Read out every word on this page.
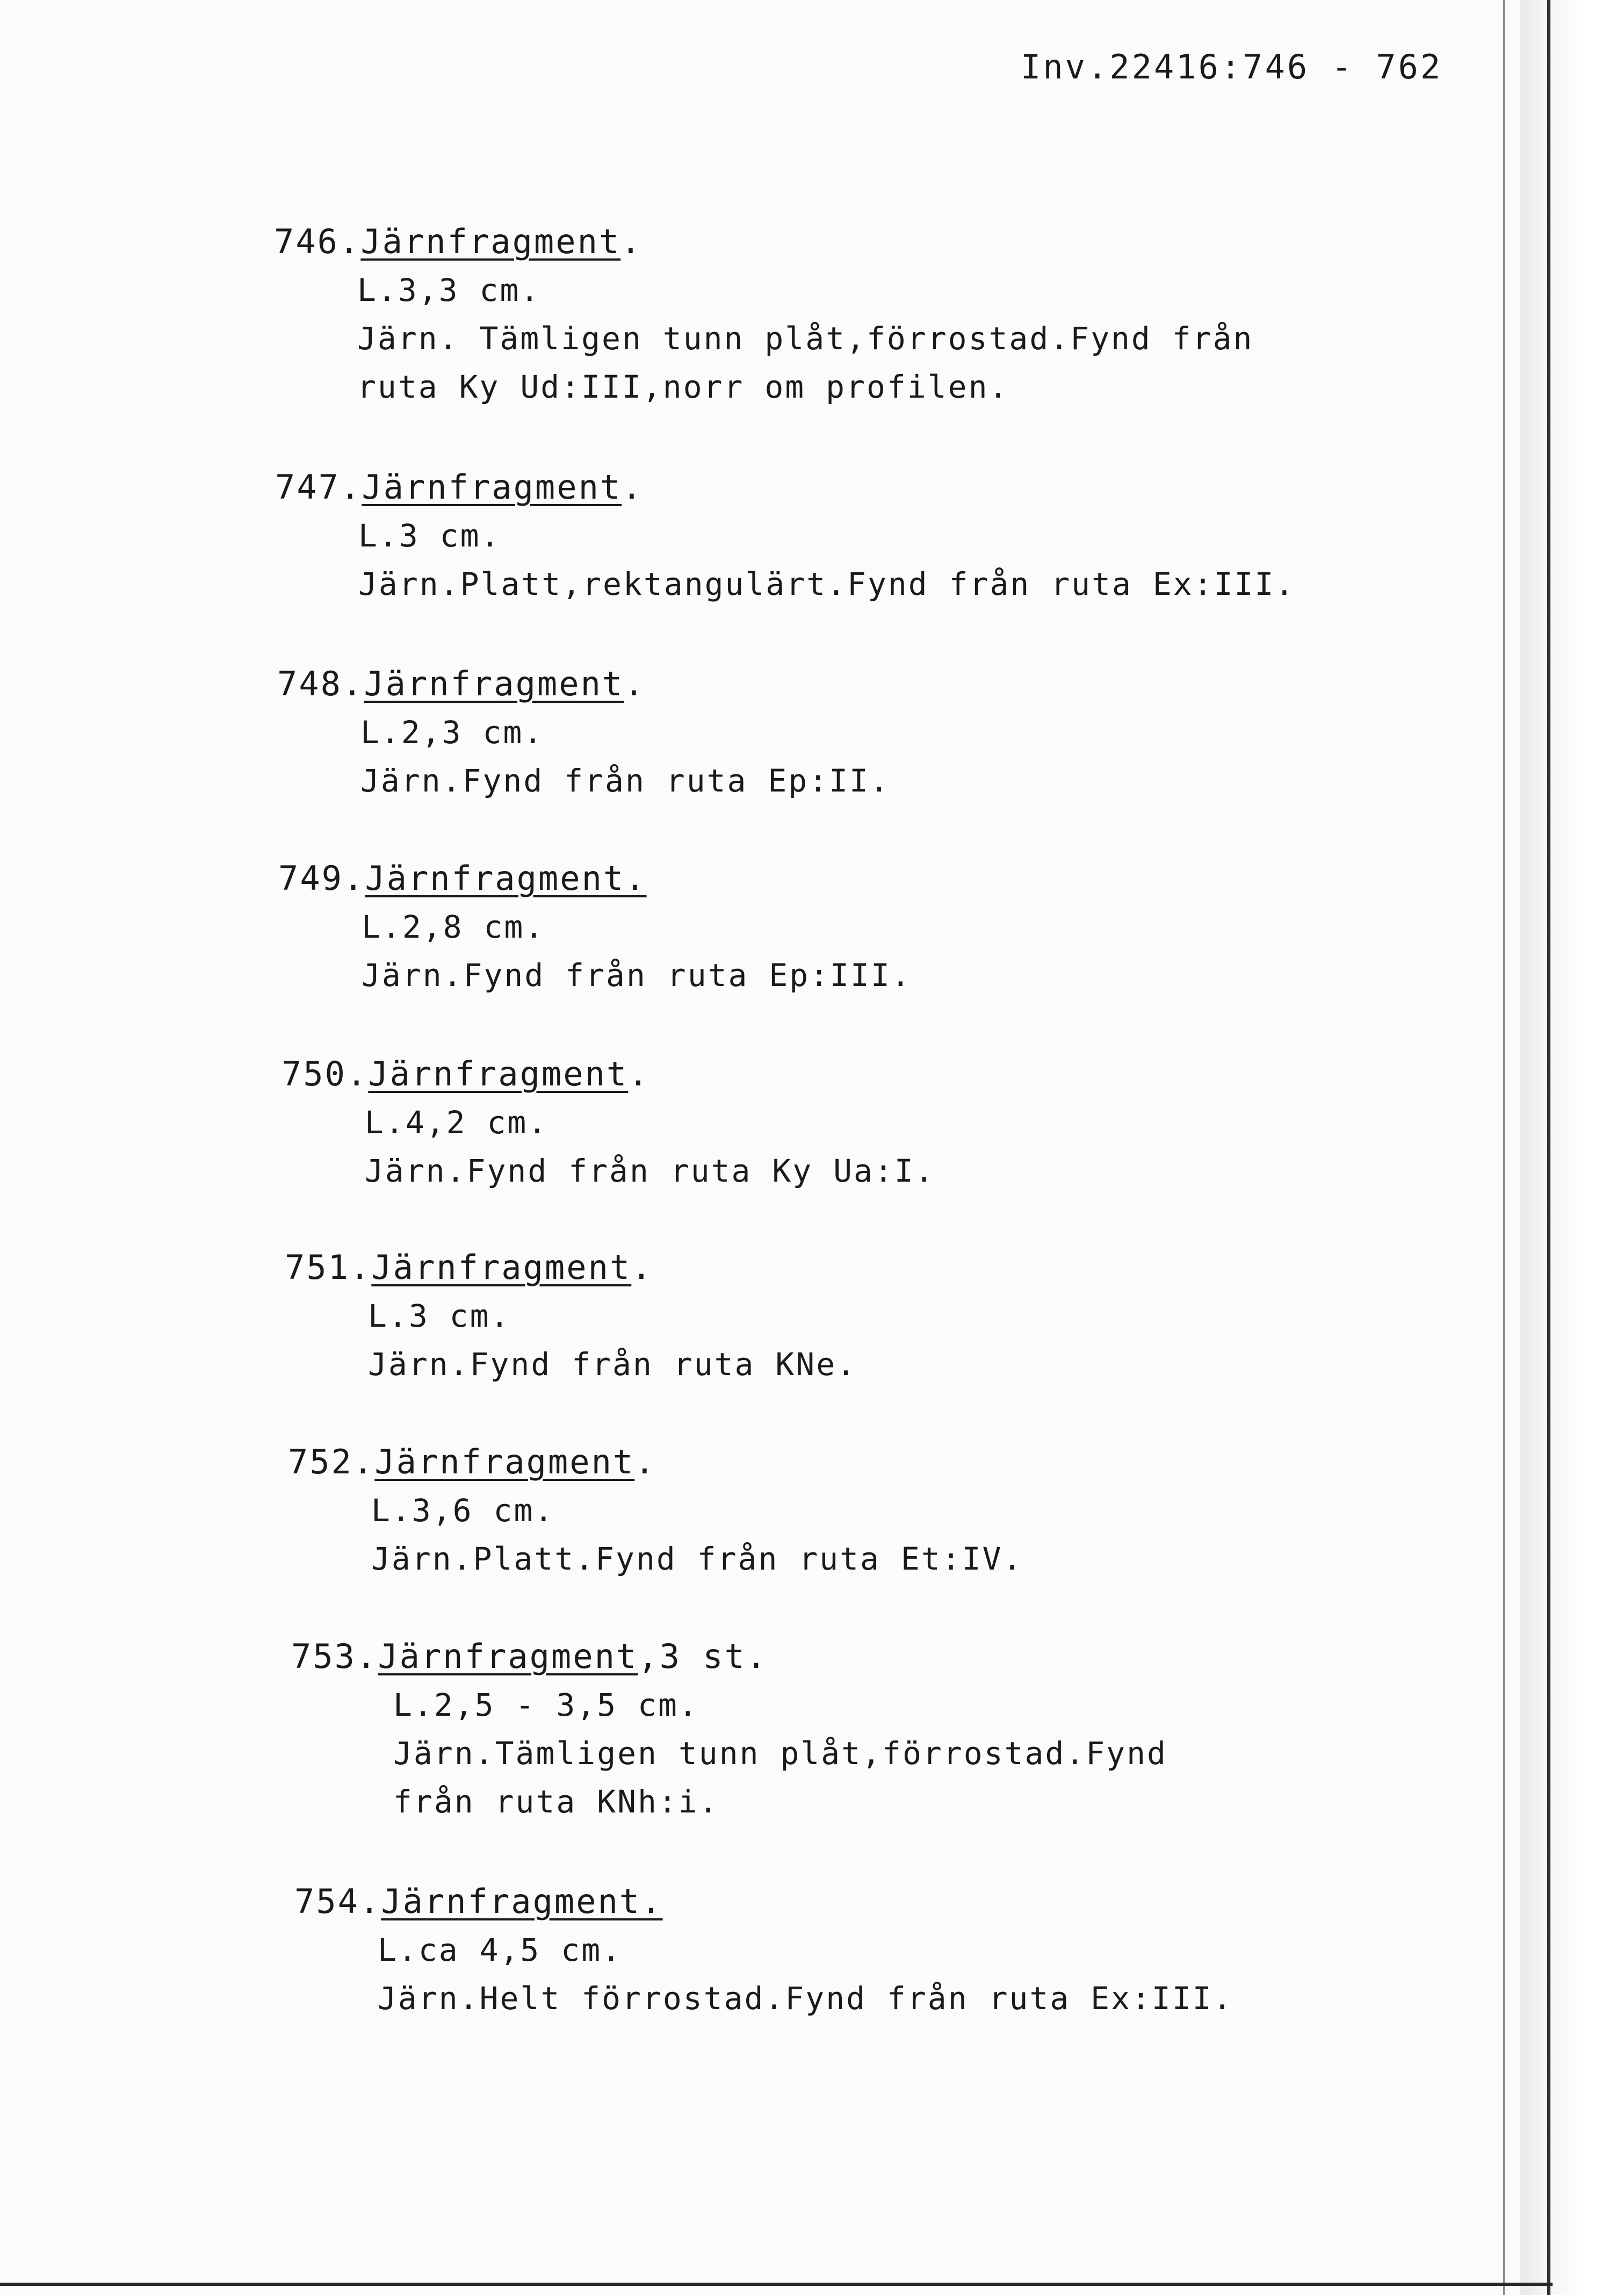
Inv.22416:746 - 762
746.Järnfragment.
L.3,3 cm.
Järn. Tämligen tunn plåt,förrostad.Fynd från
ruta Ky Ud:III,norr om profilen.
747.Järnfragment.
L.3 cm.
Järn.Platt,rektangulärt.Fynd från ruta Ex:III.
748.Järnfragment.
L.2,3 cm.
Järn.Fynd från ruta Ep:II.
749.Järnfragment.
L.2,8 cm.
Järn.Fynd från ruta Ep:III.
750.Järnfragment.
L.4,2 cm.
Järn.Fynd från ruta Ky Ua:I.
751.Järnfragment.
L.3 cm.
Järn.Fynd från ruta KNe.
752.Järnfragment.
L.3,6 cm.
Järn.Platt.Fynd från ruta Et:IV.
753.Järnfragment,3 st.
L.2,5 - 3,5 cm.
Järn.Tämligen tunn plåt,förrostad.Fynd
från ruta KNh:i.
754.Järnfragment.
L.ca 4,5 cm.
Järn.Helt förrostad.Fynd från ruta Ex:III.
